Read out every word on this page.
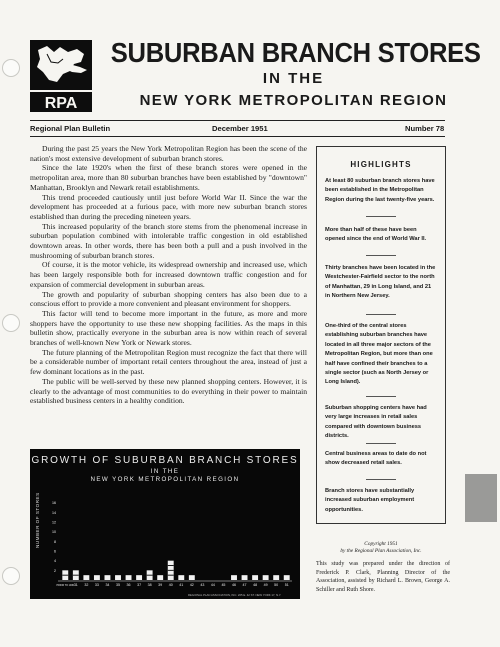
RPA
SUBURBAN BRANCH STORES
IN THE
NEW YORK METROPOLITAN REGION
Regional Plan Bulletin	December 1951	Number 78

During the past 25 years the New York Metropolitan Region has been the scene of the nation's most extensive development of suburban branch stores.

Since the late 1920's when the first of these branch stores were opened in the metropolitan area, more than 80 suburban branches have been established by "downtown" Manhattan, Brooklyn and Newark retail establishments.

This trend proceeded cautiously until just before World War II. Since the war the development has proceeded at a furious pace, with more new suburban branch stores established than during the preceding nineteen years.

This increased popularity of the branch store stems from the phenomenal increase in suburban population combined with intolerable traffic congestion in old established downtown areas. In other words, there has been both a pull and a push involved in the mushrooming of suburban branch stores.

Of course, it is the motor vehicle, its widespread ownership and increased use, which has been largely responsible both for increased downtown traffic congestion and for expansion of commercial development in suburban areas.

The growth and popularity of suburban shopping centers has also been due to a conscious effort to provide a more convenient and pleasant environment for shoppers.

This factor will tend to become more important in the future, as more and more shoppers have the opportunity to use these new shopping facilities. As the maps in this bulletin show, practically everyone in the suburban area is now within reach of several branches of well-known New York or Newark stores.

The future planning of the Metropolitan Region must recognize the fact that there will be a considerable number of important retail centers throughout the area, instead of just a few dominant locations as in the past.

The public will be well-served by these new planned shopping centers. However, it is clearly to the advantage of most communities to do everything in their power to maintain established business centers in a healthy condition.

HIGHLIGHTS
At least 80 suburban branch stores have been established in the Metropolitan Region during the last twenty-five years.
More than half of these have been opened since the end of World War II.
Thirty branches have been located in the Westchester-Fairfield sector to the north of Manhattan, 29 in Long Island, and 21 in Northern New Jersey.
One-third of the central stores establishing suburban branches have located in all three major sectors of the Metropolitan Region, but more than one half have confined their branches to a single sector (such as North Jersey or Long Island).
Suburban shopping centers have had very large increases in retail sales compared with downtown business districts.
Central business areas to date do not show decreased retail sales.
Branch stores have substantially increased suburban employment opportunities.
Copyright 1951
by the Regional Plan Association, Inc.
This study was prepared under the direction of Frederick P. Clark, Planning Director of the Association, assisted by Richard L. Brown, George A. Schiller and Ruth Shore.
2
4
6
8
10
12
14
16
PRIOR TO 1930 31 32 33 34 35 36 37 38 39 40 41 42 43 44 45 46 47 48 49 50 51
GROWTH OF SUBURBAN BRANCH STORES
IN THE
NEW YORK METROPOLITAN REGION
REGIONAL PLAN ASSOCIATION, INC. 205 E. 42 ST. NEW YORK 17, N.Y.
NUMBER OF STORES
